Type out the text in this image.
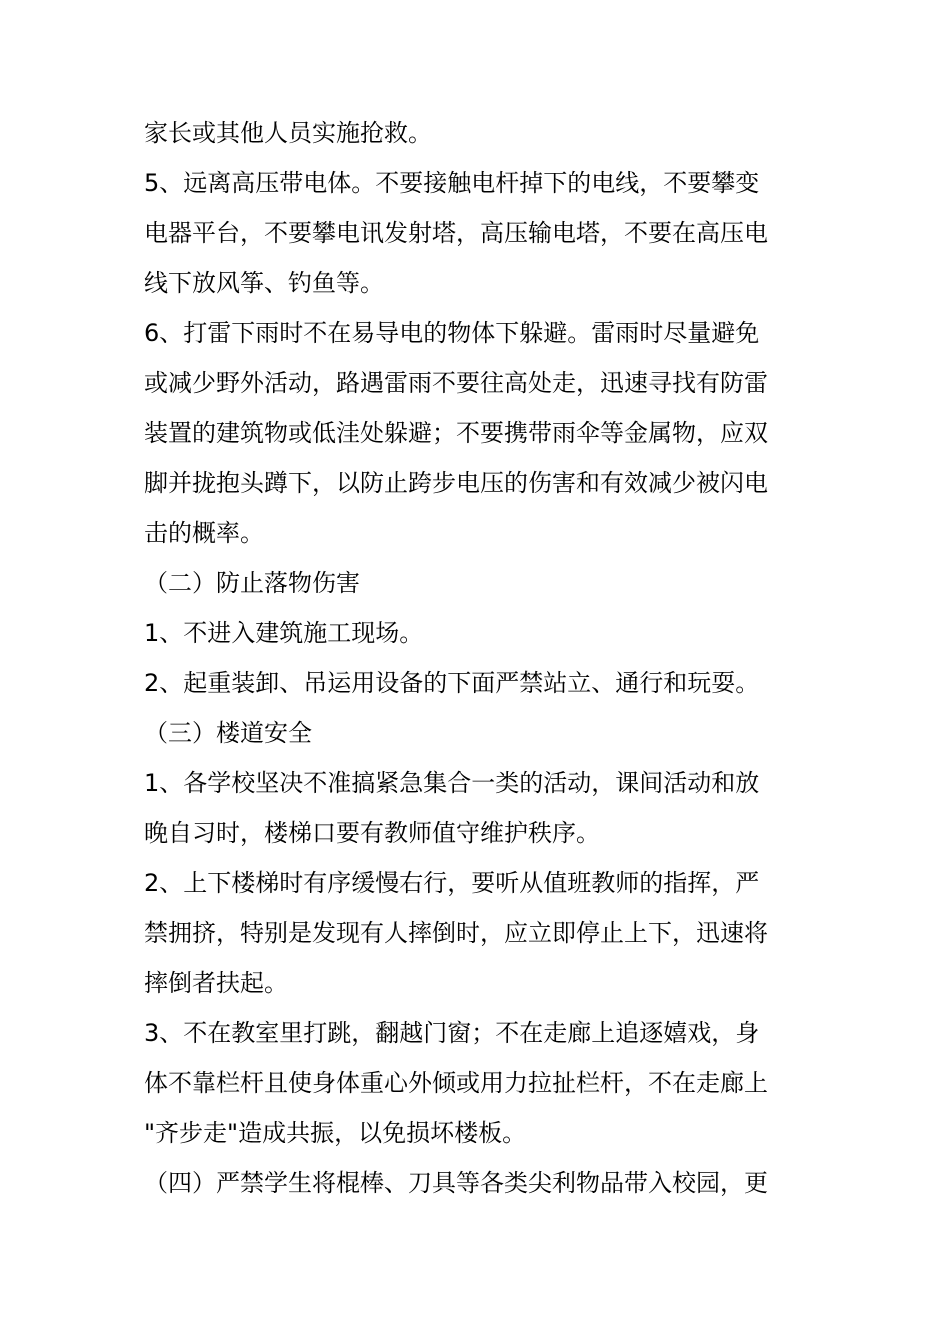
家长或其他人员实施抢救。
5、远离高压带电体。不要接触电杆掉下的电线，不要攀变
电器平台，不要攀电讯发射塔，高压输电塔，不要在高压电
线下放风筝、钓鱼等。
6、打雷下雨时不在易导电的物体下躲避。雷雨时尽量避免
或减少野外活动，路遇雷雨不要往高处走，迅速寻找有防雷
装置的建筑物或低洼处躲避；不要携带雨伞等金属物，应双
脚并拢抱头蹲下，以防止跨步电压的伤害和有效减少被闪电
击的概率。
（二）防止落物伤害
1、不进入建筑施工现场。
2、起重装卸、吊运用设备的下面严禁站立、通行和玩耍。
（三）楼道安全
1、各学校坚决不准搞紧急集合一类的活动，课间活动和放
晚自习时，楼梯口要有教师值守维护秩序。
2、上下楼梯时有序缓慢右行，要听从值班教师的指挥，严
禁拥挤，特别是发现有人摔倒时，应立即停止上下，迅速将
摔倒者扶起。
3、不在教室里打跳，翻越门窗；不在走廊上追逐嬉戏，身
体不靠栏杆且使身体重心外倾或用力拉扯栏杆，不在走廊上
"齐步走"造成共振，以免损坏楼板。
（四）严禁学生将棍棒、刀具等各类尖利物品带入校园，更
